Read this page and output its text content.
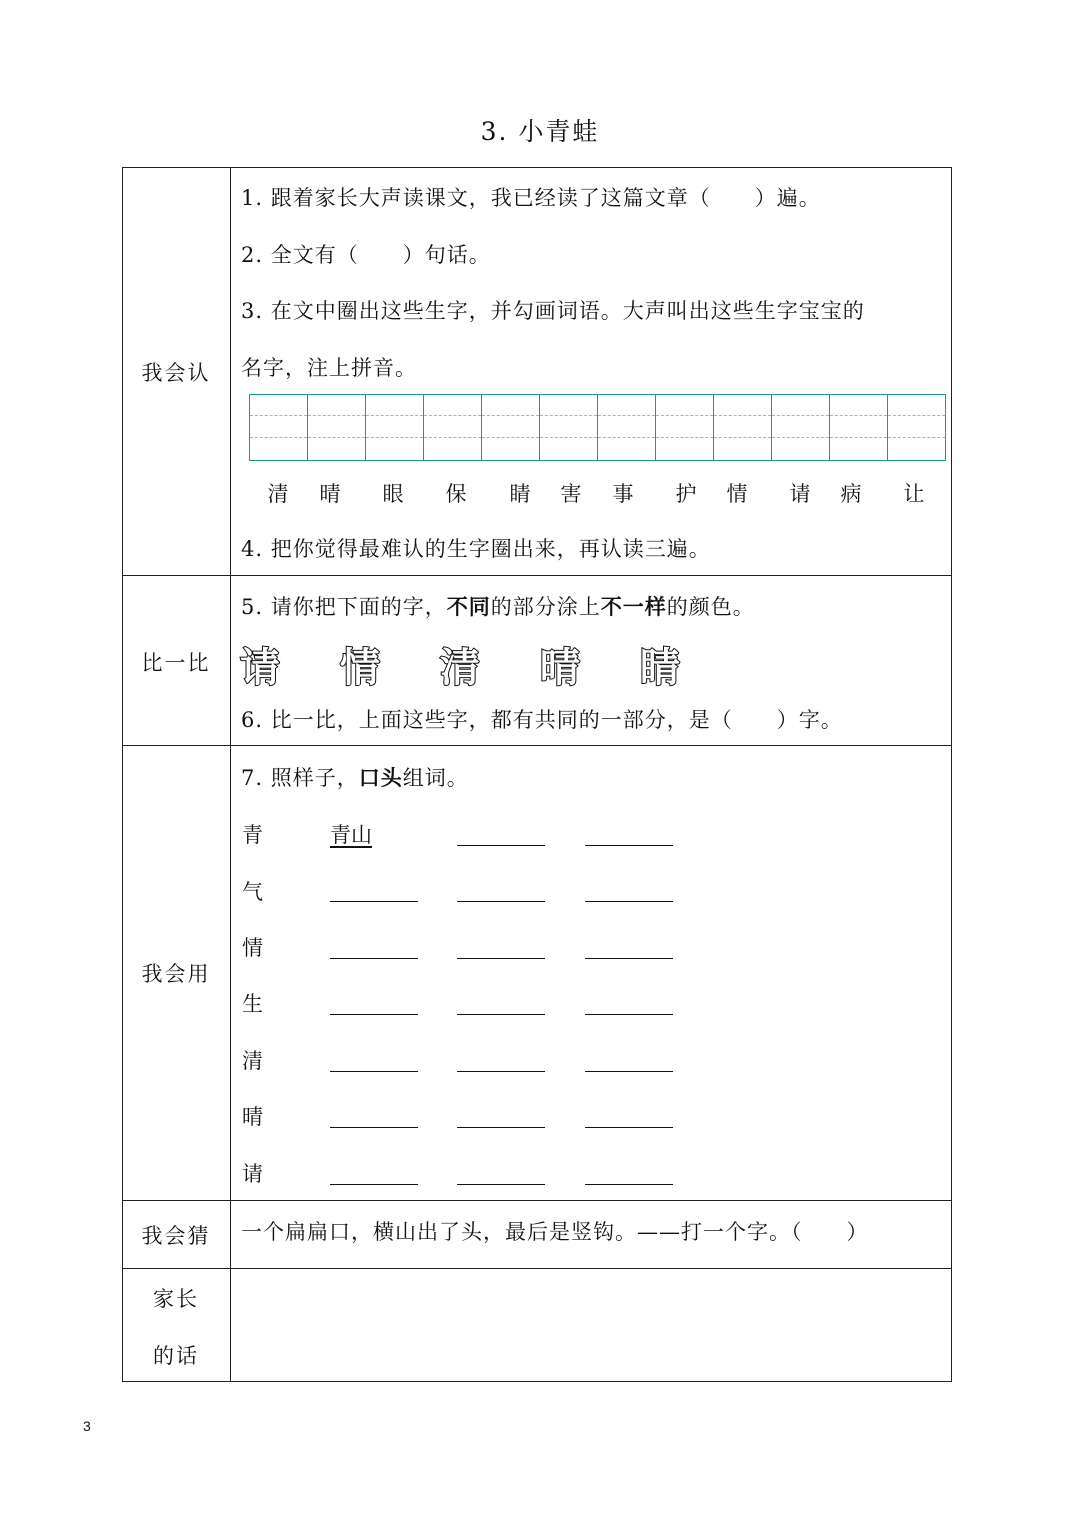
3. 小青蛙
我会认
1. 跟着家长大声读课文，我已经读了这篇文章（　　）遍。
2. 全文有（　　）句话。
3. 在文中圈出这些生字，并勾画词语。大声叫出这些生字宝宝的
名字，注上拼音。
清 晴 眼 保 睛 害 事 护 情 请 病 让
4. 把你觉得最难认的生字圈出来，再认读三遍。
比一比
5. 请你把下面的字，不同的部分涂上不一样的颜色。
请 情 清 晴 睛
6. 比一比，上面这些字，都有共同的一部分，是（　　）字。
我会用
7. 照样子，口头组词。
青	青山
气
情
生
清
晴
请
我会猜	一个扁扁口，横山出了头，最后是竖钩。——打一个字。（　　）
家长
的话
3
